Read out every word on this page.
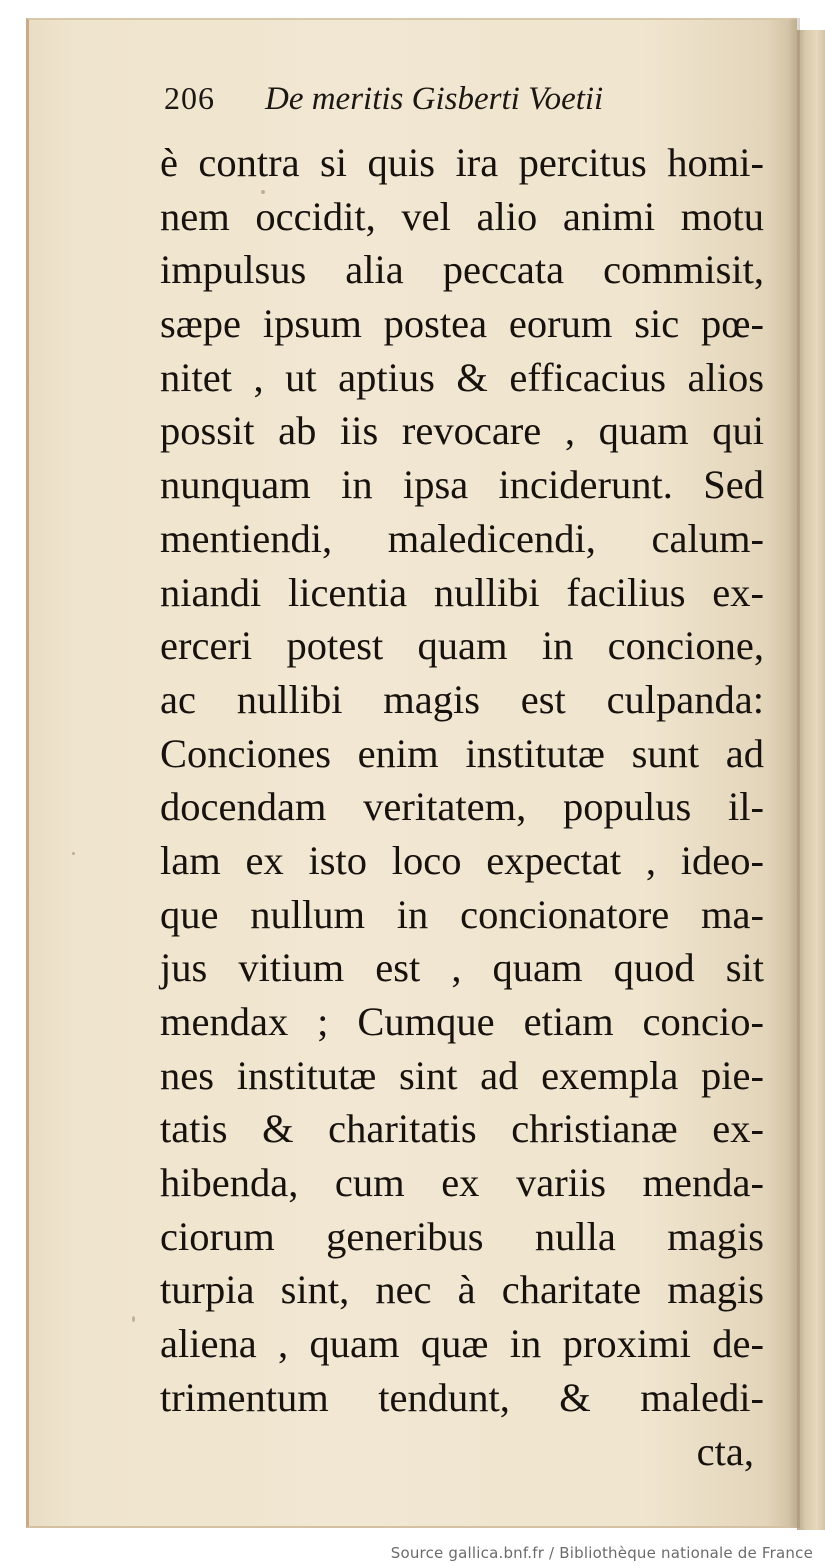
206 De meritis Gisberti Voetii
è contra si quis ira percitus homi-
nem occidit, vel alio animi motu
impulsus alia peccata commisit,
sæpe ipsum postea eorum sic pœ-
nitet , ut aptius & efficacius alios
possit ab iis revocare , quam qui
nunquam in ipsa inciderunt. Sed
mentiendi, maledicendi, calum-
niandi licentia nullibi facilius ex-
erceri potest quam in concione,
ac nullibi magis est culpanda:
Conciones enim institutæ sunt ad
docendam veritatem, populus il-
lam ex isto loco expectat , ideo-
que nullum in concionatore ma-
jus vitium est , quam quod sit
mendax ; Cumque etiam concio-
nes institutæ sint ad exempla pie-
tatis & charitatis christianæ ex-
hibenda, cum ex variis menda-
ciorum generibus nulla magis
turpia sint, nec à charitate magis
aliena , quam quæ in proximi de-
trimentum tendunt, & maledi-
cta,
Source gallica.bnf.fr / Bibliothèque nationale de France
